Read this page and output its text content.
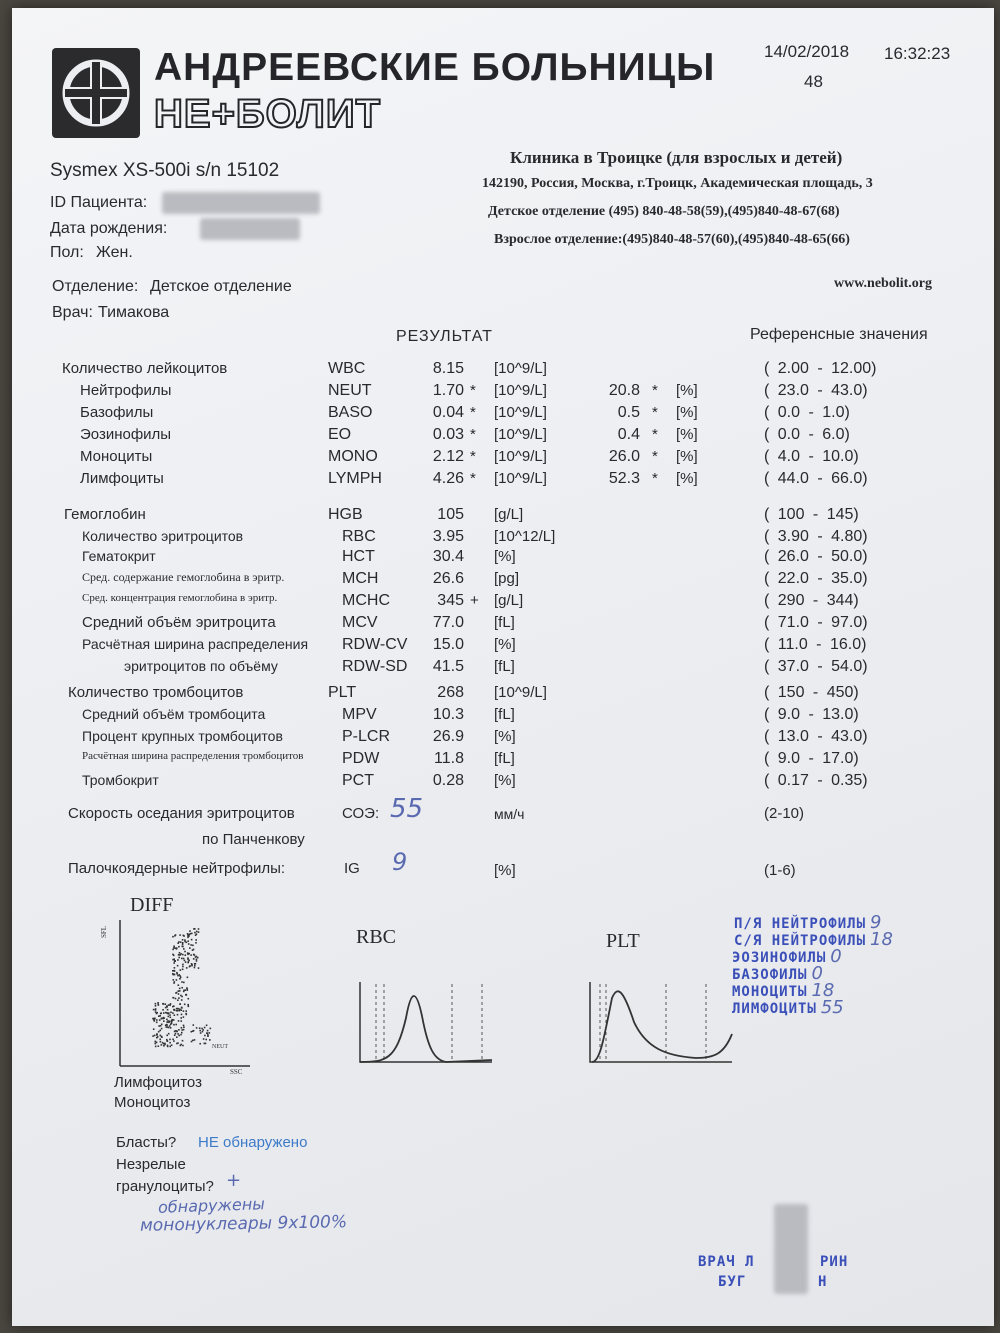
АНДРЕЕВСКИЕ БОЛЬНИЦЫ
НЕ+БОЛИТ
14/02/2018 16:32:23
48
Sysmex XS-500i s/n 15102
ID Пациента:
Дата рождения:
Пол: Жен.
Отделение: Детское отделение
Врач: Тимакова
Клиника в Троицке (для взрослых и детей)
142190, Россия, Москва, г.Троицк, Академическая площадь, 3
Детское отделение (495) 840-48-58(59),(495)840-48-67(68)
Взрослое отделение:(495)840-48-57(60),(495)840-48-65(66)
www.nebolit.org
РЕЗУЛЬТАТ	Референсные значения
Количество лейкоцитов	WBC	8.15 [10^9/L]	( 2.00 - 12.00)
Нейтрофилы	NEUT	1.70 * [10^9/L]	20.8 * [%]	( 23.0 - 43.0)
Базофилы	BASO	0.04 * [10^9/L]	0.5 * [%]	( 0.0 - 1.0)
Эозинофилы	EO	0.03 * [10^9/L]	0.4 * [%]	( 0.0 - 6.0)
Моноциты	MONO	2.12 * [10^9/L]	26.0 * [%]	( 4.0 - 10.0)
Лимфоциты	LYMPH	4.26 * [10^9/L]	52.3 * [%]	( 44.0 - 66.0)
Гемоглобин	HGB	105 [g/L]	( 100 - 145)
Количество эритроцитов	RBC	3.95 [10^12/L]	( 3.90 - 4.80)
Гематокрит	HCT	30.4 [%]	( 26.0 - 50.0)
Сред. содержание гемоглобина в эритр.	MCH	26.6 [pg]	( 22.0 - 35.0)
Сред. концентрация гемоглобина в эритр.	MCHC	345 + [g/L]	( 290 - 344)
Средний объём эритроцита	MCV	77.0 [fL]	( 71.0 - 97.0)
Расчётная ширина распределения RDW-CV	15.0 [%]	( 11.0 - 16.0)
эритроцитов по объёму	RDW-SD	41.5 [fL]	( 37.0 - 54.0)
Количество тромбоцитов	PLT	268 [10^9/L]	( 150 - 450)
Средний объём тромбоцита	MPV	10.3 [fL]	( 9.0 - 13.0)
Процент крупных тромбоцитов	P-LCR	26.9 [%]	( 13.0 - 43.0)
Расчётная ширина распределения тромбоцитов PDW	11.8 [fL]	( 9.0 - 17.0)
Тромбокрит	PCT	0.28 [%]	( 0.17 - 0.35)
Скорость оседания эритроцитов
по Панченкову
СОЭ: 55	мм/ч	(2-10)
Палочкоядерные нейтрофилы:	IG 9	[%]	(1-6)
DIFF
SFL
SSC
NEUT
RBC	PLT
П/Я НЕЙТРОФИЛЫ 9
С/Я НЕЙТРОФИЛЫ 18
ЭОЗИНОФИЛЫ 0
БАЗОФИЛЫ 0
МОНОЦИТЫ 18
ЛИМФОЦИТЫ 55
Лимфоцитоз
Моноцитоз
Бласты? НЕ обнаружено
Незрелые
гранулоциты? +
обнаружены
мононуклеары 9х100%
ВРАЧ Л	РИН
БУГ	Н
